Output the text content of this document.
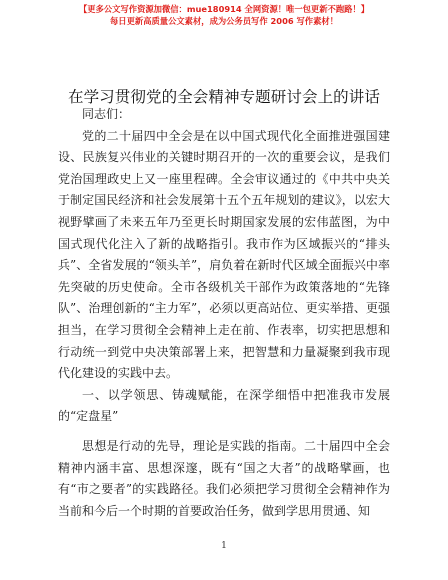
【更多公文写作资源加微信：mue180914 全网资源！唯一包更新不跑路！】
每日更新高质量公文素材，成为公务员写作 2006 写作素材！
在学习贯彻党的全会精神专题研讨会上的讲话

同志们：

党的二十届四中全会是在以中国式现代化全面推进强国建设、民族复兴伟业的关键时期召开的一次的重要会议，是我们党治国理政史上又一座里程碑。全会审议通过的《中共中央关于制定国民经济和社会发展第十五个五年规划的建议》，以宏大视野擘画了未来五年乃至更长时期国家发展的宏伟蓝图，为中国式现代化注入了新的战略指引。我市作为区域振兴的“排头兵”、全省发展的“领头羊”，肩负着在新时代区域全面振兴中率先突破的历史使命。全市各级机关干部作为政策落地的“先锋队”、治理创新的“主力军”，必须以更高站位、更实举措、更强担当，在学习贯彻全会精神上走在前、作表率，切实把思想和行动统一到党中央决策部署上来，把智慧和力量凝聚到我市现代化建设的实践中去。

一、以学领思、铸魂赋能，在深学细悟中把准我市发展的“定盘星”

思想是行动的先导，理论是实践的指南。二十届四中全会精神内涵丰富、思想深邃，既有“国之大者”的战略擘画，也有“市之要者”的实践路径。我们必须把学习贯彻全会精神作为当前和今后一个时期的首要政治任务，做到学思用贯通、知

1
